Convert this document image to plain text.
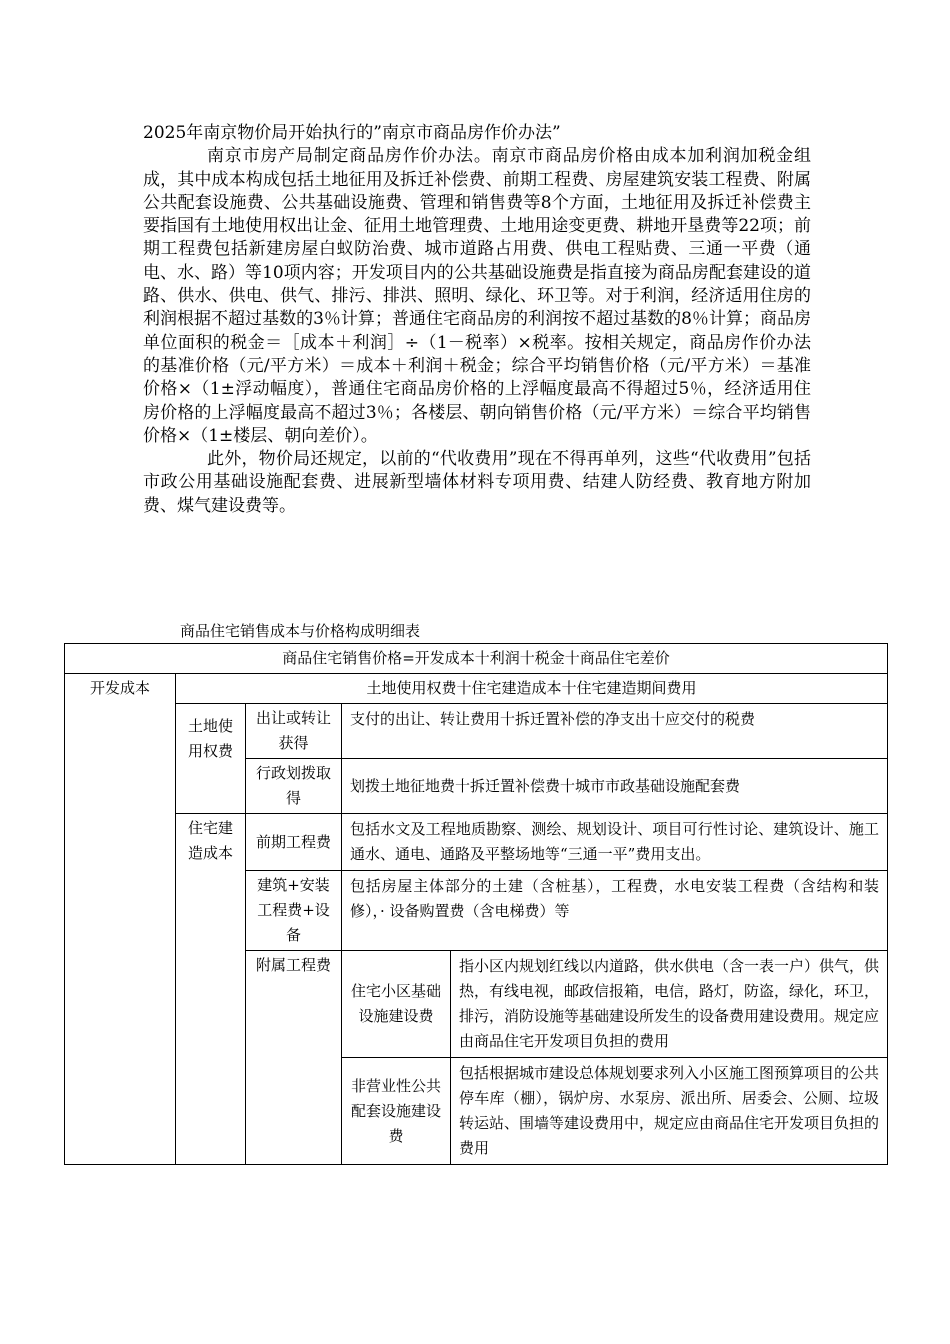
2025年南京物价局开始执行的”南京市商品房作价办法”

南京市房产局制定商品房作价办法。南京市商品房价格由成本加利润加税金组成，其中成本构成包括土地征用及拆迁补偿费、前期工程费、房屋建筑安装工程费、附属公共配套设施费、公共基础设施费、管理和销售费等8个方面，土地征用及拆迁补偿费主要指国有土地使用权出让金、征用土地管理费、土地用途变更费、耕地开垦费等22项；前期工程费包括新建房屋白蚁防治费、城市道路占用费、供电工程贴费、三通一平费（通电、水、路）等10项内容；开发项目内的公共基础设施费是指直接为商品房配套建设的道路、供水、供电、供气、排污、排洪、照明、绿化、环卫等。对于利润，经济适用住房的利润根据不超过基数的3％计算；普通住宅商品房的利润按不超过基数的8％计算；商品房单位面积的税金＝［成本＋利润］÷（1－税率）×税率。按相关规定，商品房作价办法的基准价格（元/平方米）＝成本＋利润＋税金；综合平均销售价格（元/平方米）＝基准价格×（1±浮动幅度），普通住宅商品房价格的上浮幅度最高不得超过5％，经济适用住房价格的上浮幅度最高不超过3％；各楼层、朝向销售价格（元/平方米）＝综合平均销售价格×（1±楼层、朝向差价）。

此外，物价局还规定，以前的“代收费用”现在不得再单列，这些“代收费用”包括市政公用基础设施配套费、进展新型墙体材料专项用费、结建人防经费、教育地方附加费、煤气建设费等。

商品住宅销售成本与价格构成明细表
商品住宅销售价格=开发成本十利润十税金十商品住宅差价				
开发成本	土地使用权费十住宅建造成本十住宅建造期间费用			
	土地使用权费	出让或转让获得	支付的出让、转让费用十拆迁置补偿的净支出十应交付的税费	
		行政划拨取得	划拨土地征地费十拆迁置补偿费十城市市政基础设施配套费	
	住宅建造成本	前期工程费	包括水文及工程地质勘察、测绘、规划设计、项目可行性讨论、建筑设计、施工通水、通电、通路及平整场地等“三通一平”费用支出。	
		建筑+安装工程费+设备	包括房屋主体部分的土建（含桩基），工程费，水电安装工程费（含结构和装修），· 设备购置费（含电梯费）等	
		附属工程费	住宅小区基础设施建设费	指小区内规划红线以内道路，供水供电（含一表一户）供气，供热，有线电视，邮政信报箱，电信，路灯，防盗，绿化，环卫，排污，消防设施等基础建设所发生的设备费用建设费用。规定应由商品住宅开发项目负担的费用
			非营业性公共配套设施建设费	包括根据城市建设总体规划要求列入小区施工图预算项目的公共停车库（棚），锅炉房、水泵房、派出所、居委会、公厕、垃圾转运站、围墙等建设费用中，规定应由商品住宅开发项目负担的费用
